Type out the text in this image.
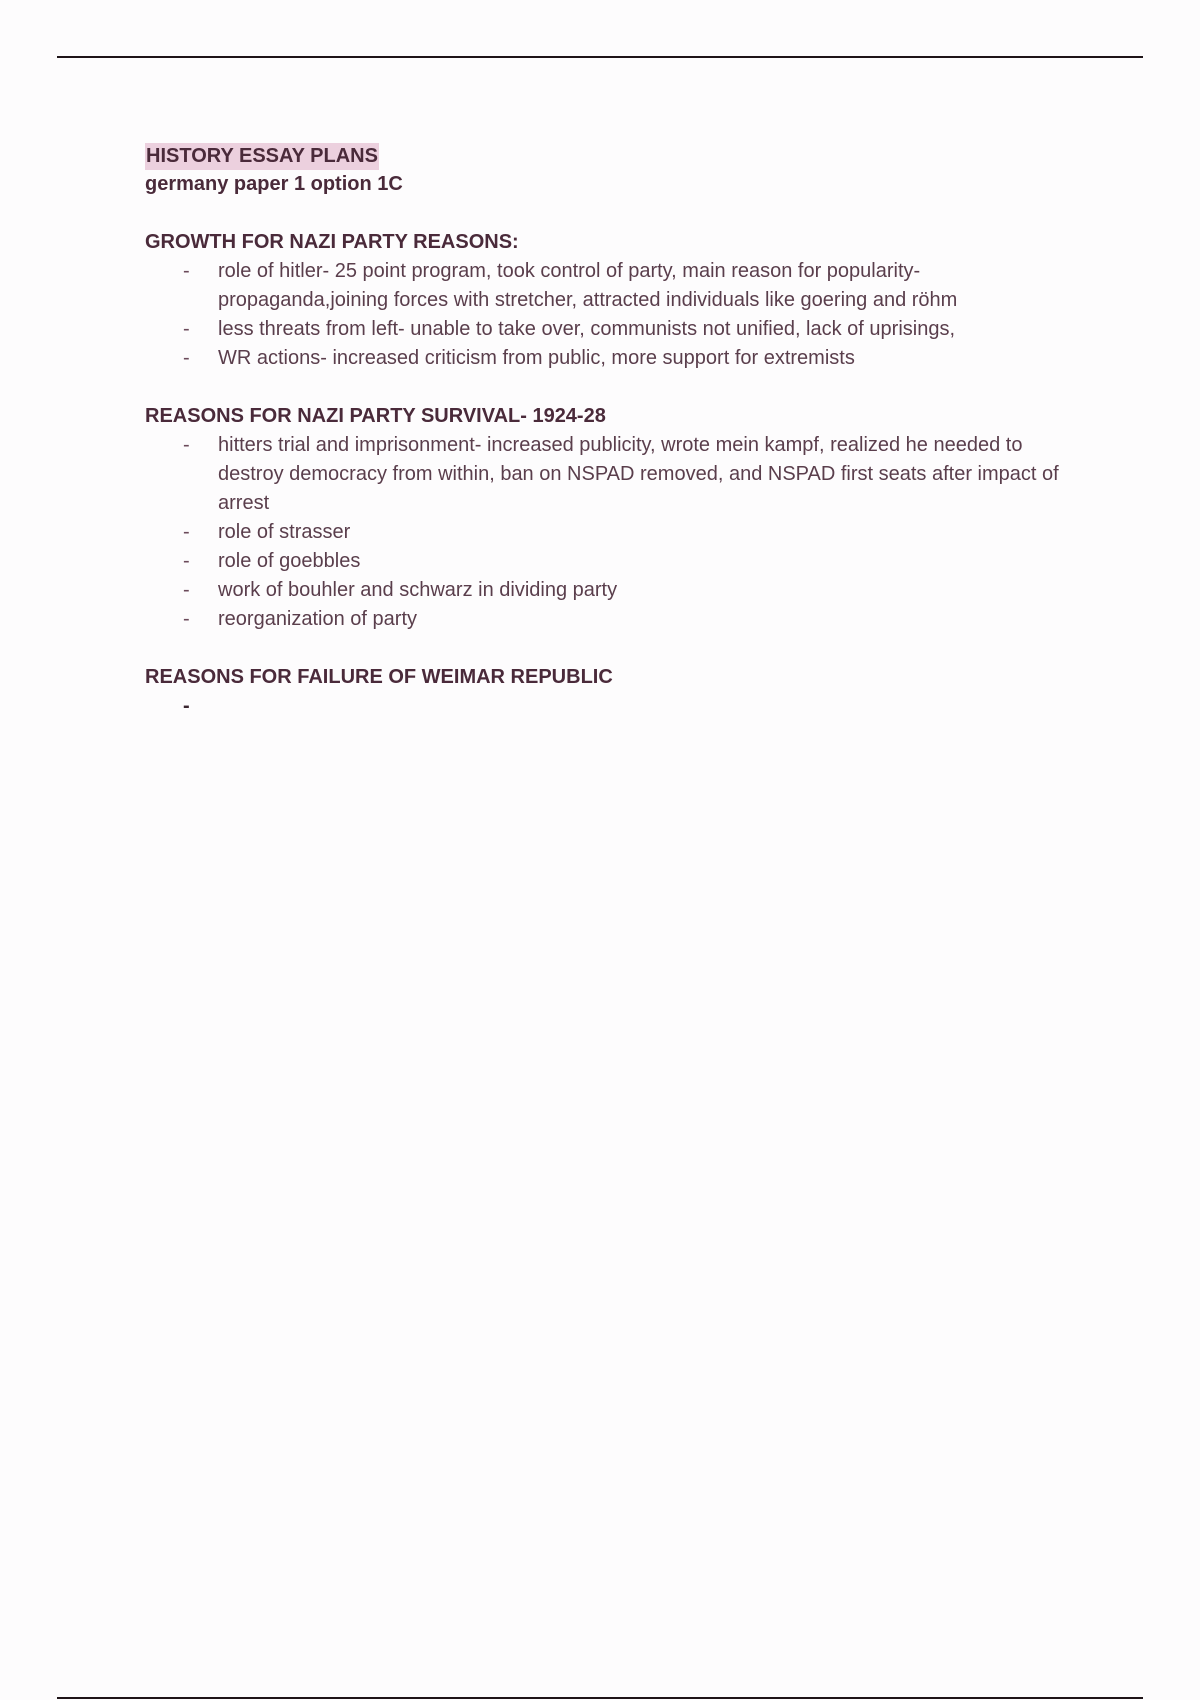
HISTORY ESSAY PLANS
germany paper 1 option 1C
GROWTH FOR NAZI PARTY REASONS:
-	role of hitler- 25 point program, took control of party, main reason for popularity- propaganda,joining forces with stretcher, attracted individuals like goering and röhm
-	less threats from left- unable to take over, communists not unified, lack of uprisings,
-	WR actions- increased criticism from public, more support for extremists
REASONS FOR NAZI PARTY SURVIVAL- 1924-28
-	hitters trial and imprisonment- increased publicity, wrote mein kampf, realized he needed to destroy democracy from within, ban on NSPAD removed, and NSPAD first seats after impact of arrest
-	role of strasser
-	role of goebbles
-	work of bouhler and schwarz in dividing party
-	reorganization of party
REASONS FOR FAILURE OF WEIMAR REPUBLIC
-
